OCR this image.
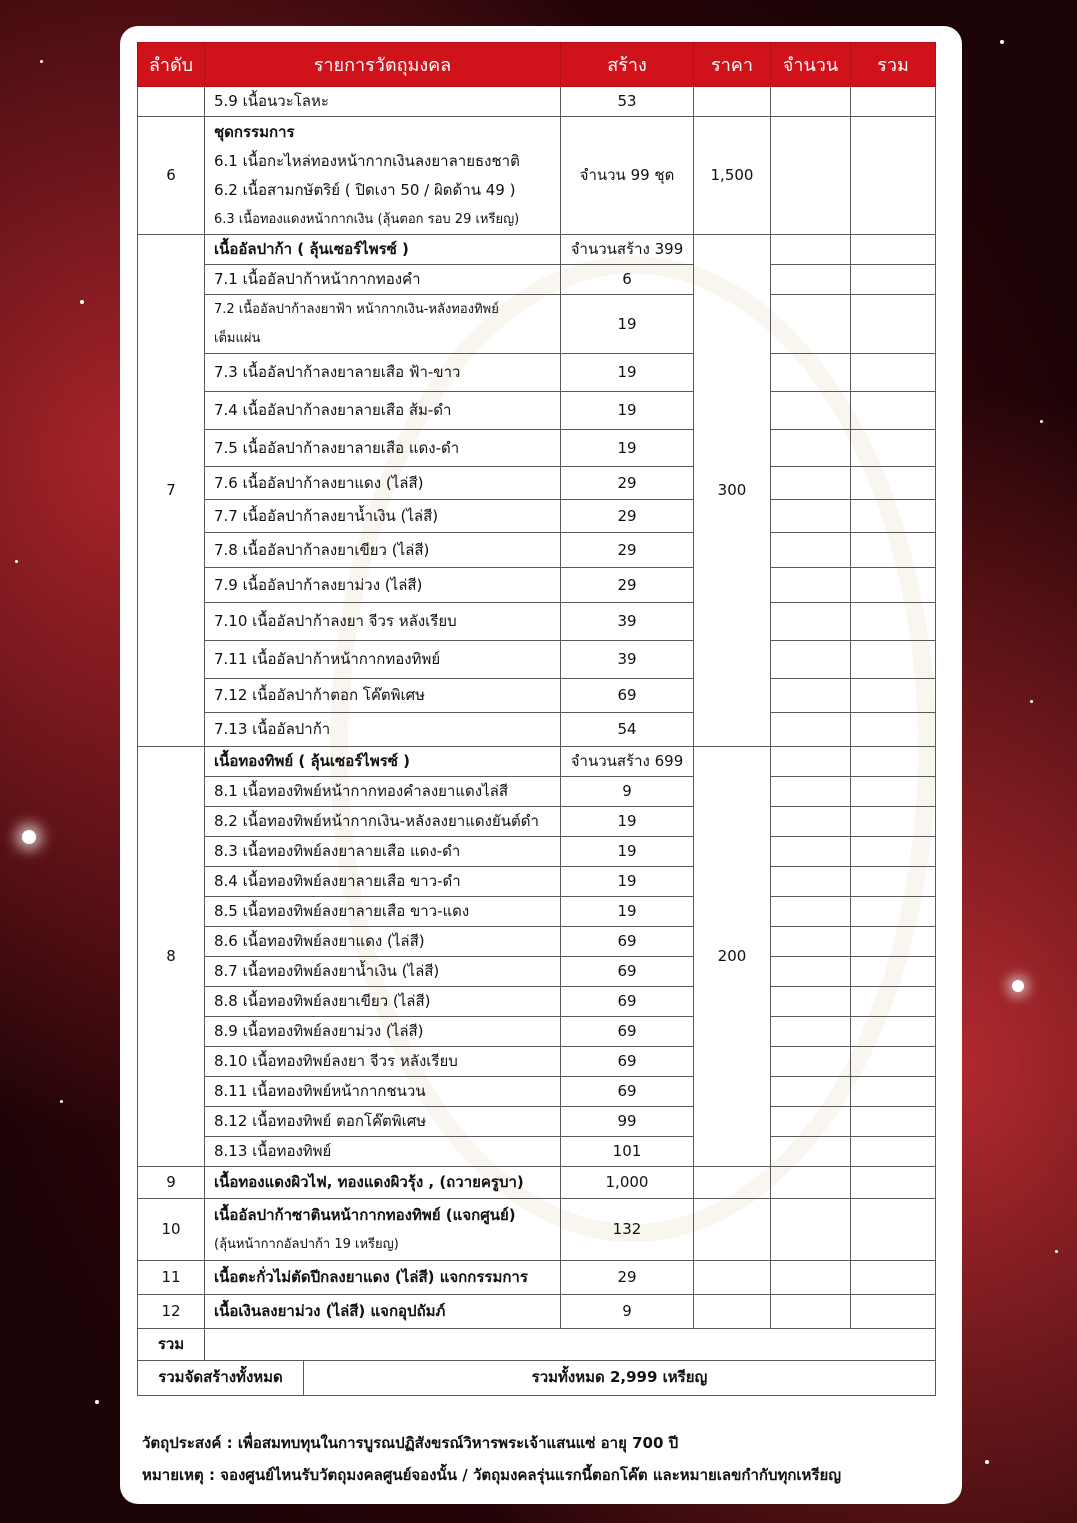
ลำดับ	รายการวัตถุมงคล	สร้าง	ราคา	จำนวน	รวม
	5.9 เนื้อนวะโลหะ	53			
6	ชุดกรรมการ
6.1 เนื้อกะไหล่ทองหน้ากากเงินลงยาลายธงชาติ
6.2 เนื้อสามกษัตริย์ ( ปิดเงา 50 / ผิดด้าน 49 )
6.3 เนื้อทองแดงหน้ากากเงิน (ลุ้นตอก รอบ 29 เหรียญ)	จำนวน 99 ชุด	1,500		
7	เนื้ออัลปาก้า ( ลุ้นเซอร์ไพรซ์ )	จำนวนสร้าง 399	300		

	7.1 เนื้ออัลปาก้าหน้ากากทองคำ	6			

	7.2 เนื้ออัลปาก้าลงยาฟ้า หน้ากากเงิน-หลังทองทิพย์
เต็มแผ่น	19			

	7.3 เนื้ออัลปาก้าลงยาลายเสือ ฟ้า-ขาว	19			

	7.4 เนื้ออัลปาก้าลงยาลายเสือ ส้ม-ดำ	19			

	7.5 เนื้ออัลปาก้าลงยาลายเสือ แดง-ดำ	19			

	7.6 เนื้ออัลปาก้าลงยาแดง (ไล่สี)	29			

	7.7 เนื้ออัลปาก้าลงยาน้ำเงิน (ไล่สี)	29			

	7.8 เนื้ออัลปาก้าลงยาเขียว (ไล่สี)	29			

	7.9 เนื้ออัลปาก้าลงยาม่วง (ไล่สี)	29			

	7.10 เนื้ออัลปาก้าลงยา จีวร หลังเรียบ	39			

	7.11 เนื้ออัลปาก้าหน้ากากทองทิพย์	39			

	7.12 เนื้ออัลปาก้าตอก โค๊ตพิเศษ	69			

	7.13 เนื้ออัลปาก้า	54			
8	เนื้อทองทิพย์ ( ลุ้นเซอร์ไพรซ์ )	จำนวนสร้าง 699	200		

	8.1 เนื้อทองทิพย์หน้ากากทองคำลงยาแดงไล่สี	9			

	8.2 เนื้อทองทิพย์หน้ากากเงิน-หลังลงยาแดงยันต์ดำ	19			

	8.3 เนื้อทองทิพย์ลงยาลายเสือ แดง-ดำ	19			

	8.4 เนื้อทองทิพย์ลงยาลายเสือ ขาว-ดำ	19			

	8.5 เนื้อทองทิพย์ลงยาลายเสือ ขาว-แดง	19			

	8.6 เนื้อทองทิพย์ลงยาแดง (ไล่สี)	69			

	8.7 เนื้อทองทิพย์ลงยาน้ำเงิน (ไล่สี)	69			

	8.8 เนื้อทองทิพย์ลงยาเขียว (ไล่สี)	69			

	8.9 เนื้อทองทิพย์ลงยาม่วง (ไล่สี)	69			

	8.10 เนื้อทองทิพย์ลงยา จีวร หลังเรียบ	69			

	8.11 เนื้อทองทิพย์หน้ากากชนวน	69			

	8.12 เนื้อทองทิพย์ ตอกโค๊ตพิเศษ	99			

	8.13 เนื้อทองทิพย์	101			
9	เนื้อทองแดงผิวไฟ, ทองแดงผิวรุ้ง , (ถวายครูบา)	1,000			
10	เนื้ออัลปาก้าซาตินหน้ากากทองทิพย์ (แจกศูนย์)
(ลุ้นหน้ากากอัลปาก้า 19 เหรียญ)	132			
11	เนื้อตะกั่วไม่ตัดปีกลงยาแดง (ไล่สี) แจกกรรมการ	29			
12	เนื้อเงินลงยาม่วง (ไล่สี) แจกอุปถัมภ์	9			
รวม					
รวมจัดสร้างทั้งหมด	รวมทั้งหมด 2,999 เหรียญ
วัตถุประสงค์ : เพื่อสมทบทุนในการบูรณปฏิสังขรณ์วิหารพระเจ้าแสนแซ่ อายุ 700 ปี
หมายเหตุ : จองศูนย์ไหนรับวัตถุมงคลศูนย์จองนั้น / วัตถุมงคลรุ่นแรกนี้ตอกโค๊ต และหมายเลขกำกับทุกเหรียญ
